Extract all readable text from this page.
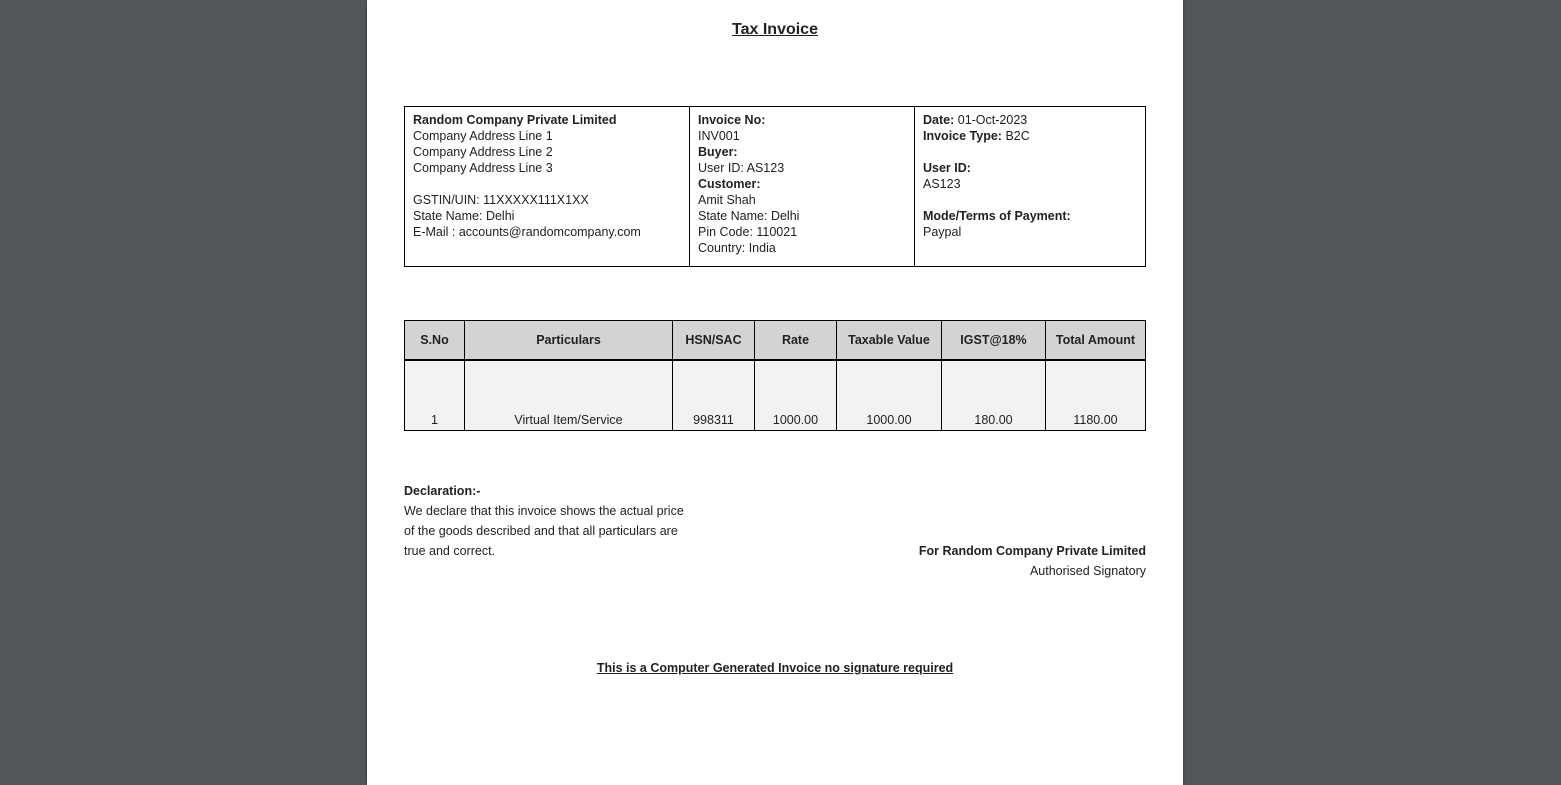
Tax Invoice
Random Company Private Limited
Company Address Line 1
Company Address Line 2
Company Address Line 3
GSTIN/UIN: 11XXXXX111X1XX
State Name: Delhi
E-Mail : accounts@randomcompany.com

Invoice No:
INV001
Buyer:
User ID: AS123
Customer:
Amit Shah
State Name: Delhi
Pin Code: 110021
Country: India

Date: 01-Oct-2023
Invoice Type: B2C
User ID:
AS123
Mode/Terms of Payment:
Paypal
S.No	Particulars	HSN/SAC	Rate	Taxable Value	IGST@18%	Total Amount
1	Virtual Item/Service	998311	1000.00	1000.00	180.00	1180.00
Declaration:-
We declare that this invoice shows the actual price of the goods described and that all particulars are true and correct.	For Random Company Private Limited
Authorised Signatory
This is a Computer Generated Invoice no signature required
